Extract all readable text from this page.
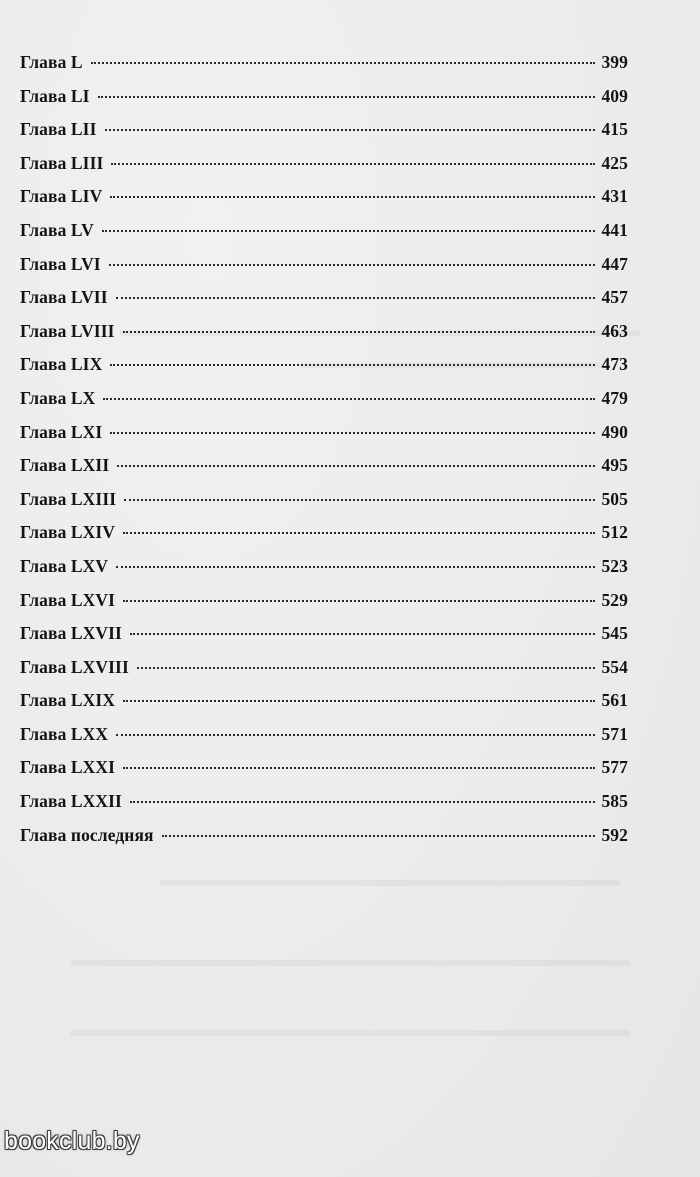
Глава L	399
Глава LI	409
Глава LII	415
Глава LIII	425
Глава LIV	431
Глава LV	441
Глава LVI	447
Глава LVII	457
Глава LVIII	463
Глава LIX	473
Глава LX	479
Глава LXI	490
Глава LXII	495
Глава LXIII	505
Глава LXIV	512
Глава LXV	523
Глава LXVI	529
Глава LXVII	545
Глава LXVIII	554
Глава LXIX	561
Глава LXX	571
Глава LXXI	577
Глава LXXII	585
Глава последняя	592
bookclub.by
